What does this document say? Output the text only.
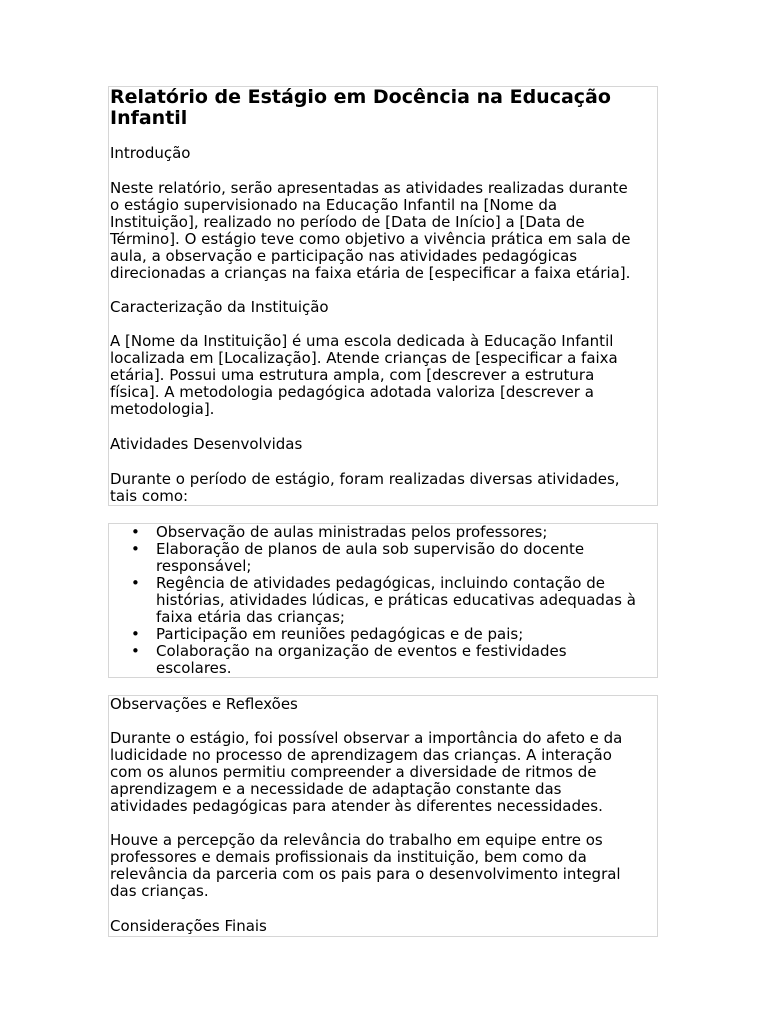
Relatório de Estágio em Docência na Educação
Infantil

Introdução

Neste relatório, serão apresentadas as atividades realizadas durante
o estágio supervisionado na Educação Infantil na [Nome da
Instituição], realizado no período de [Data de Início] a [Data de
Término]. O estágio teve como objetivo a vivência prática em sala de
aula, a observação e participação nas atividades pedagógicas
direcionadas a crianças na faixa etária de [especificar a faixa etária].

Caracterização da Instituição

A [Nome da Instituição] é uma escola dedicada à Educação Infantil
localizada em [Localização]. Atende crianças de [especificar a faixa
etária]. Possui uma estrutura ampla, com [descrever a estrutura
física]. A metodologia pedagógica adotada valoriza [descrever a
metodologia].

Atividades Desenvolvidas

Durante o período de estágio, foram realizadas diversas atividades,
tais como:

• Observação de aulas ministradas pelos professores;
• Elaboração de planos de aula sob supervisão do docente
responsável;
• Regência de atividades pedagógicas, incluindo contação de
histórias, atividades lúdicas, e práticas educativas adequadas à
faixa etária das crianças;
• Participação em reuniões pedagógicas e de pais;
• Colaboração na organização de eventos e festividades
escolares.

Observações e Reflexões

Durante o estágio, foi possível observar a importância do afeto e da
ludicidade no processo de aprendizagem das crianças. A interação
com os alunos permitiu compreender a diversidade de ritmos de
aprendizagem e a necessidade de adaptação constante das
atividades pedagógicas para atender às diferentes necessidades.

Houve a percepção da relevância do trabalho em equipe entre os
professores e demais profissionais da instituição, bem como da
relevância da parceria com os pais para o desenvolvimento integral
das crianças.

Considerações Finais
